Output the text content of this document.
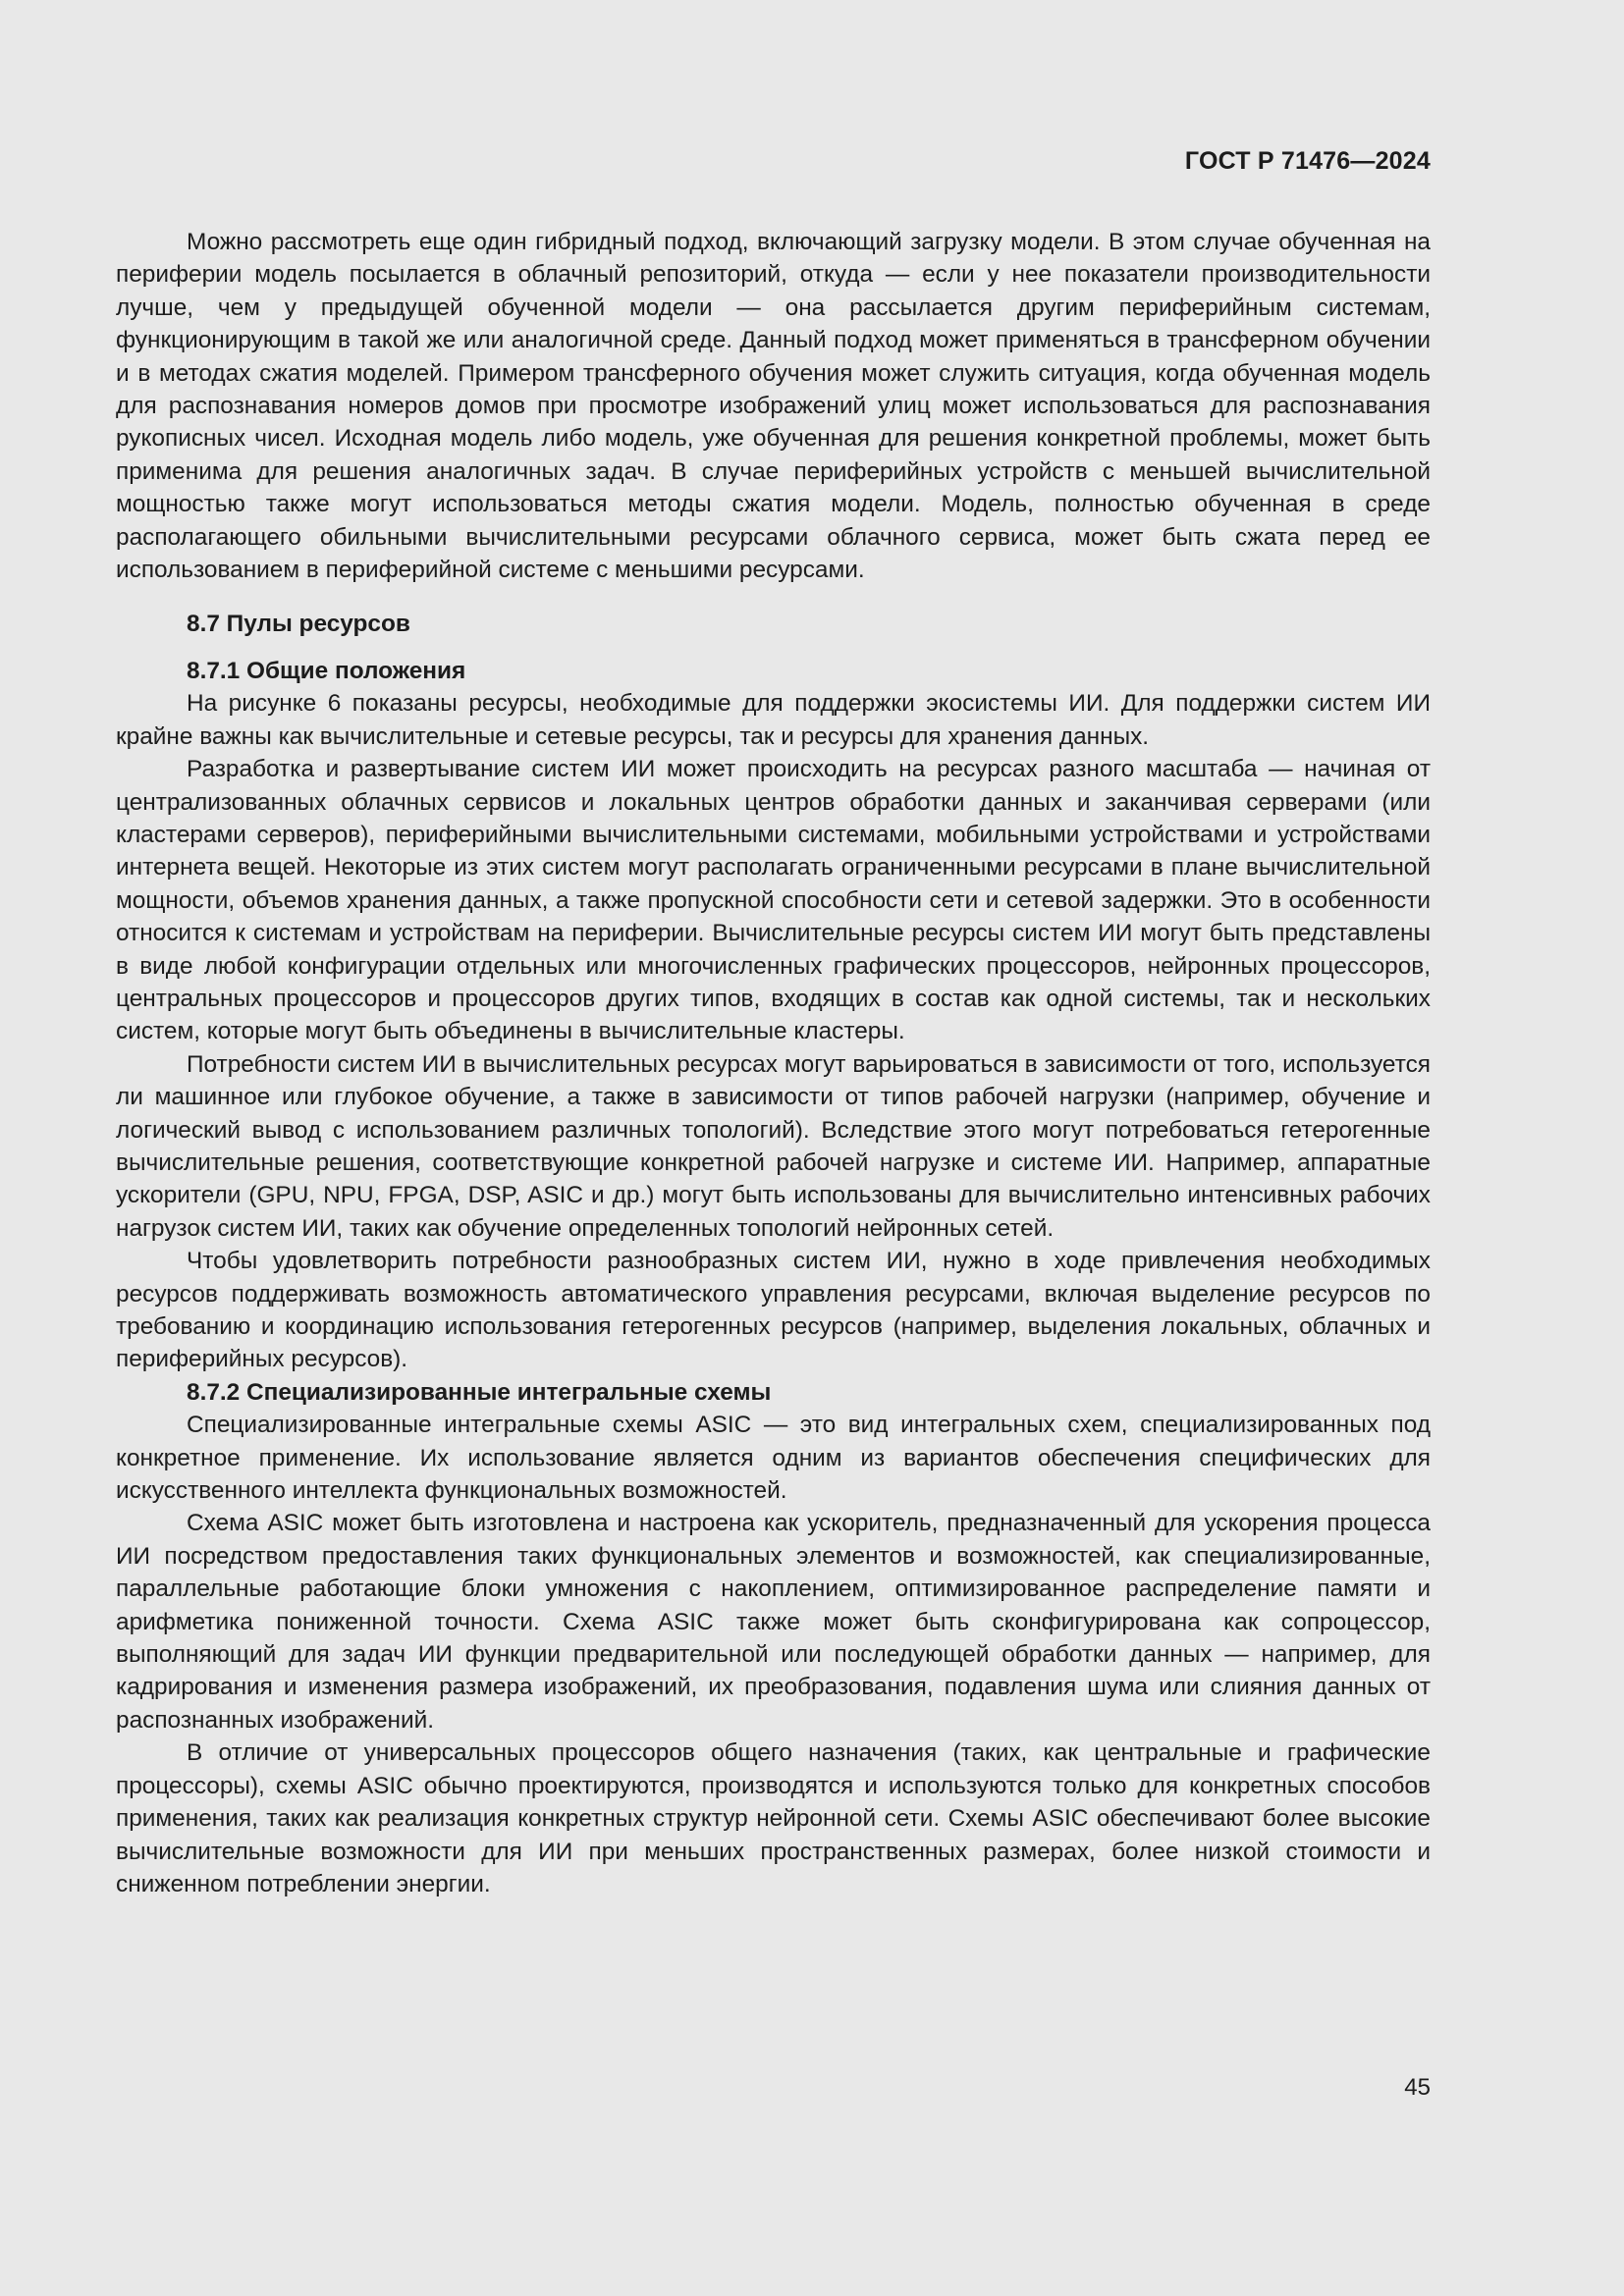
ГОСТ Р 71476—2024

Можно рассмотреть еще один гибридный подход, включающий загрузку модели. В этом случае обученная на периферии модель посылается в облачный репозиторий, откуда — если у нее показатели производительности лучше, чем у предыдущей обученной модели — она рассылается другим периферийным системам, функционирующим в такой же или аналогичной среде. Данный подход может применяться в трансферном обучении и в методах сжатия моделей. Примером трансферного обучения может служить ситуация, когда обученная модель для распознавания номеров домов при просмотре изображений улиц может использоваться для распознавания рукописных чисел. Исходная модель либо модель, уже обученная для решения конкретной проблемы, может быть применима для решения аналогичных задач. В случае периферийных устройств с меньшей вычислительной мощностью также могут использоваться методы сжатия модели. Модель, полностью обученная в среде располагающего обильными вычислительными ресурсами облачного сервиса, может быть сжата перед ее использованием в периферийной системе с меньшими ресурсами.

8.7 Пулы ресурсов
8.7.1 Общие положения

На рисунке 6 показаны ресурсы, необходимые для поддержки экосистемы ИИ. Для поддержки систем ИИ крайне важны как вычислительные и сетевые ресурсы, так и ресурсы для хранения данных.

Разработка и развертывание систем ИИ может происходить на ресурсах разного масштаба — начиная от централизованных облачных сервисов и локальных центров обработки данных и заканчивая серверами (или кластерами серверов), периферийными вычислительными системами, мобильными устройствами и устройствами интернета вещей. Некоторые из этих систем могут располагать ограниченными ресурсами в плане вычислительной мощности, объемов хранения данных, а также пропускной способности сети и сетевой задержки. Это в особенности относится к системам и устройствам на периферии. Вычислительные ресурсы систем ИИ могут быть представлены в виде любой конфигурации отдельных или многочисленных графических процессоров, нейронных процессоров, центральных процессоров и процессоров других типов, входящих в состав как одной системы, так и нескольких систем, которые могут быть объединены в вычислительные кластеры.

Потребности систем ИИ в вычислительных ресурсах могут варьироваться в зависимости от того, используется ли машинное или глубокое обучение, а также в зависимости от типов рабочей нагрузки (например, обучение и логический вывод с использованием различных топологий). Вследствие этого могут потребоваться гетерогенные вычислительные решения, соответствующие конкретной рабочей нагрузке и системе ИИ. Например, аппаратные ускорители (GPU, NPU, FPGA, DSP, ASIC и др.) могут быть использованы для вычислительно интенсивных рабочих нагрузок систем ИИ, таких как обучение определенных топологий нейронных сетей.

Чтобы удовлетворить потребности разнообразных систем ИИ, нужно в ходе привлечения необходимых ресурсов поддерживать возможность автоматического управления ресурсами, включая выделение ресурсов по требованию и координацию использования гетерогенных ресурсов (например, выделения локальных, облачных и периферийных ресурсов).

8.7.2 Специализированные интегральные схемы

Специализированные интегральные схемы ASIC — это вид интегральных схем, специализированных под конкретное применение. Их использование является одним из вариантов обеспечения специфических для искусственного интеллекта функциональных возможностей.

Схема ASIC может быть изготовлена и настроена как ускоритель, предназначенный для ускорения процесса ИИ посредством предоставления таких функциональных элементов и возможностей, как специализированные, параллельные работающие блоки умножения с накоплением, оптимизированное распределение памяти и арифметика пониженной точности. Схема ASIC также может быть сконфигурирована как сопроцессор, выполняющий для задач ИИ функции предварительной или последующей обработки данных — например, для кадрирования и изменения размера изображений, их преобразования, подавления шума или слияния данных от распознанных изображений.

В отличие от универсальных процессоров общего назначения (таких, как центральные и графические процессоры), схемы ASIC обычно проектируются, производятся и используются только для конкретных способов применения, таких как реализация конкретных структур нейронной сети. Схемы ASIC обеспечивают более высокие вычислительные возможности для ИИ при меньших пространственных размерах, более низкой стоимости и сниженном потреблении энергии.

45
